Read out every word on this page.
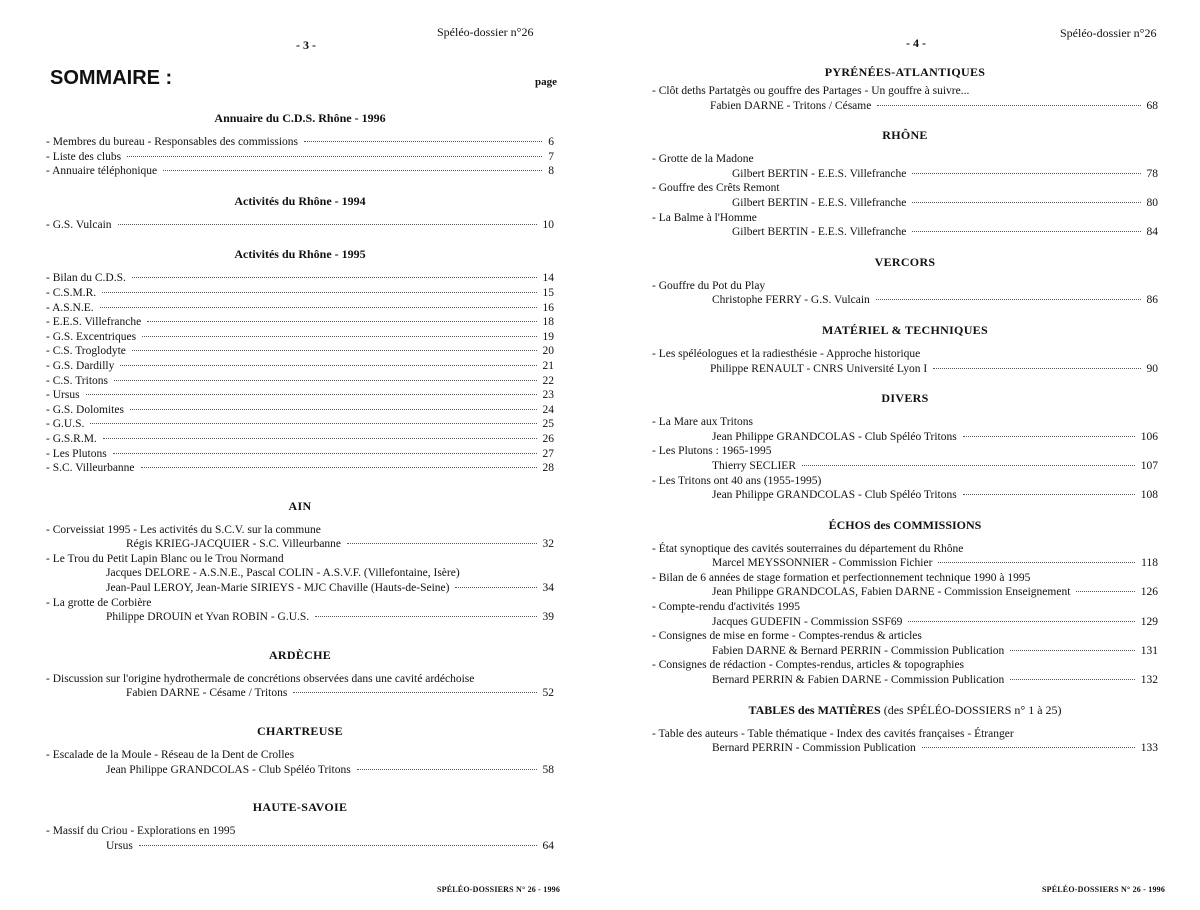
Spéléo-dossier n°26
- 3 -
SOMMAIRE :	page
Annuaire du C.D.S. Rhône - 1996
- Membres du bureau - Responsables des commissions	6
- Liste des clubs	7
- Annuaire téléphonique	8
Activités du Rhône - 1994
- G.S. Vulcain	10
Activités du Rhône - 1995
- Bilan du C.D.S.	14
- C.S.M.R.	15
- A.S.N.E.	16
- E.E.S. Villefranche	18
- G.S. Excentriques	19
- C.S. Troglodyte	20
- G.S. Dardilly	21
- C.S. Tritons	22
- Ursus	23
- G.S. Dolomites	24
- G.U.S.	25
- G.S.R.M.	26
- Les Plutons	27
- S.C. Villeurbanne	28
AIN
- Corveissiat 1995 - Les activités du S.C.V. sur la commune
Régis KRIEG-JACQUIER - S.C. Villeurbanne	32
- Le Trou du Petit Lapin Blanc ou le Trou Normand
Jacques DELORE - A.S.N.E., Pascal COLIN - A.S.V.F. (Villefontaine, Isère)
Jean-Paul LEROY, Jean-Marie SIRIEYS - MJC Chaville (Hauts-de-Seine)	34
- La grotte de Corbière
Philippe DROUIN et Yvan ROBIN - G.U.S.	39
ARDÈCHE
- Discussion sur l'origine hydrothermale de concrétions observées dans une cavité ardéchoise
Fabien DARNE - Césame / Tritons	52
CHARTREUSE
- Escalade de la Moule - Réseau de la Dent de Crolles
Jean Philippe GRANDCOLAS - Club Spéléo Tritons	58
HAUTE-SAVOIE
- Massif du Criou - Explorations en 1995
Ursus	64
SPÉLÉO-DOSSIERS N° 26 - 1996
Spéléo-dossier n°26
- 4 -
PYRÉNÉES-ATLANTIQUES
- Clôt deths Partatgès ou gouffre des Partages - Un gouffre à suivre...
Fabien DARNE - Tritons / Césame	68
RHÔNE
- Grotte de la Madone
Gilbert BERTIN - E.E.S. Villefranche	78
- Gouffre des Crêts Remont
Gilbert BERTIN - E.E.S. Villefranche	80
- La Balme à l'Homme
Gilbert BERTIN - E.E.S. Villefranche	84
VERCORS
- Gouffre du Pot du Play
Christophe FERRY - G.S. Vulcain	86
MATÉRIEL & TECHNIQUES
- Les spéléologues et la radiesthésie - Approche historique
Philippe RENAULT - CNRS Université Lyon I	90
DIVERS
- La Mare aux Tritons
Jean Philippe GRANDCOLAS - Club Spéléo Tritons	106
- Les Plutons : 1965-1995
Thierry SECLIER	107
- Les Tritons ont 40 ans (1955-1995)
Jean Philippe GRANDCOLAS - Club Spéléo Tritons	108
ÉCHOS des COMMISSIONS
- État synoptique des cavités souterraines du département du Rhône
Marcel MEYSSONNIER - Commission Fichier	118
- Bilan de 6 années de stage formation et perfectionnement technique 1990 à 1995
Jean Philippe GRANDCOLAS, Fabien DARNE - Commission Enseignement	126
- Compte-rendu d'activités 1995
Jacques GUDEFIN - Commission SSF69	129
- Consignes de mise en forme - Comptes-rendus & articles
Fabien DARNE & Bernard PERRIN - Commission Publication	131
- Consignes de rédaction - Comptes-rendus, articles & topographies
Bernard PERRIN & Fabien DARNE - Commission Publication	132
TABLES des MATIÈRES (des SPÉLÉO-DOSSIERS n° 1 à 25)
- Table des auteurs - Table thématique - Index des cavités françaises - Étranger
Bernard PERRIN - Commission Publication	133
SPÉLÉO-DOSSIERS N° 26 - 1996
